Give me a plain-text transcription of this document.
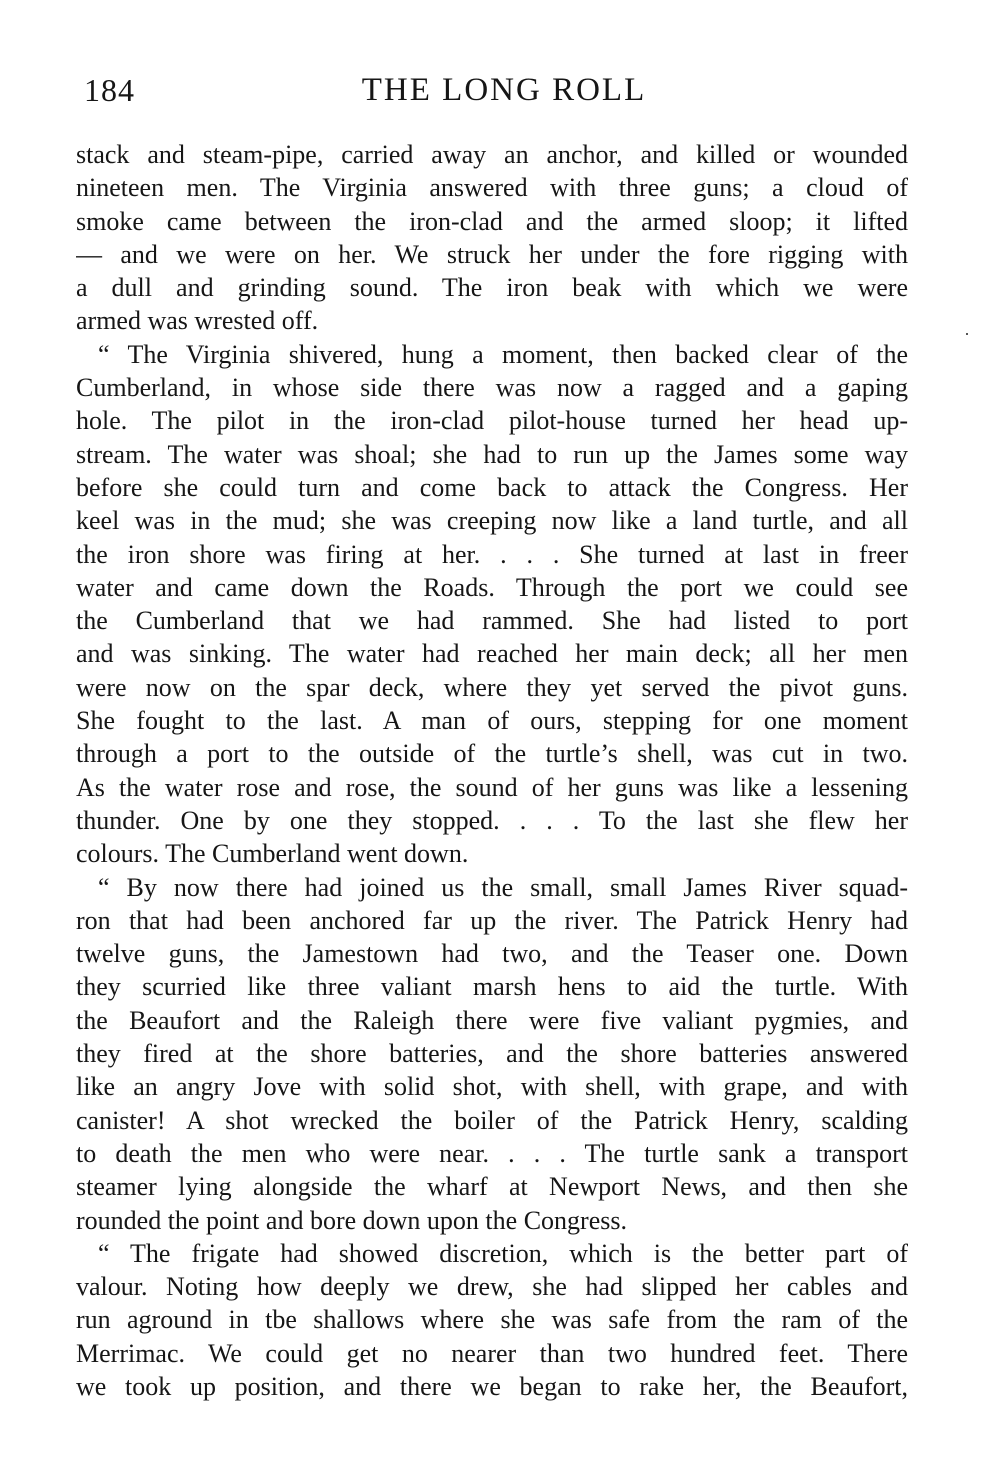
184	THE LONG ROLL
stack and steam-pipe, carried away an anchor, and killed or wounded
nineteen men. The Virginia answered with three guns; a cloud of
smoke came between the iron-clad and the armed sloop; it lifted
— and we were on her. We struck her under the fore rigging with
a dull and grinding sound. The iron beak with which we were
armed was wrested off.
“ The Virginia shivered, hung a moment, then backed clear of the
Cumberland, in whose side there was now a ragged and a gaping
hole. The pilot in the iron-clad pilot-house turned her head up-
stream. The water was shoal; she had to run up the James some way
before she could turn and come back to attack the Congress. Her
keel was in the mud; she was creeping now like a land turtle, and all
the iron shore was firing at her. . . . She turned at last in freer
water and came down the Roads. Through the port we could see
the Cumberland that we had rammed. She had listed to port
and was sinking. The water had reached her main deck; all her men
were now on the spar deck, where they yet served the pivot guns.
She fought to the last. A man of ours, stepping for one moment
through a port to the outside of the turtle’s shell, was cut in two.
As the water rose and rose, the sound of her guns was like a lessening
thunder. One by one they stopped. . . . To the last she flew her
colours. The Cumberland went down.
“ By now there had joined us the small, small James River squad-
ron that had been anchored far up the river. The Patrick Henry had
twelve guns, the Jamestown had two, and the Teaser one. Down
they scurried like three valiant marsh hens to aid the turtle. With
the Beaufort and the Raleigh there were five valiant pygmies, and
they fired at the shore batteries, and the shore batteries answered
like an angry Jove with solid shot, with shell, with grape, and with
canister! A shot wrecked the boiler of the Patrick Henry, scalding
to death the men who were near. . . . The turtle sank a transport
steamer lying alongside the wharf at Newport News, and then she
rounded the point and bore down upon the Congress.
“ The frigate had showed discretion, which is the better part of
valour. Noting how deeply we drew, she had slipped her cables and
run aground in tbe shallows where she was safe from the ram of the
Merrimac. We could get no nearer than two hundred feet. There
we took up position, and there we began to rake her, the Beaufort,
